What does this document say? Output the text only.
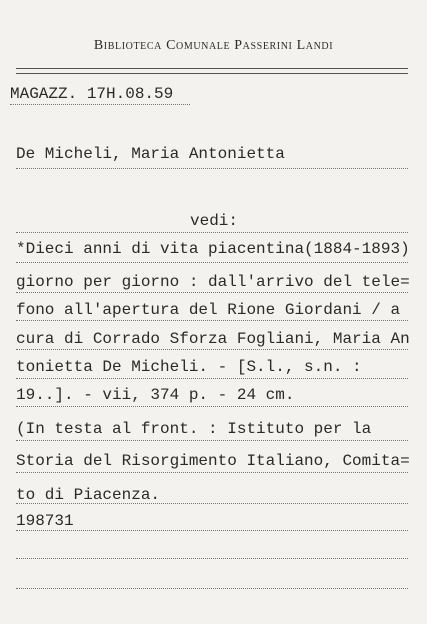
Biblioteca Comunale Passerini Landi
MAGAZZ. 17H.08.59
De Micheli, Maria Antonietta
vedi:
*Dieci anni di vita piacentina(1884-1893)
giorno per giorno : dall'arrivo del tele=
fono all'apertura del Rione Giordani / a
cura di Corrado Sforza Fogliani, Maria An
tonietta De Micheli. - [S.l., s.n. :
19..]. - vii, 374 p. - 24 cm.
(In testa al front. : Istituto per la
Storia del Risorgimento Italiano, Comita=
to di Piacenza.
198731
